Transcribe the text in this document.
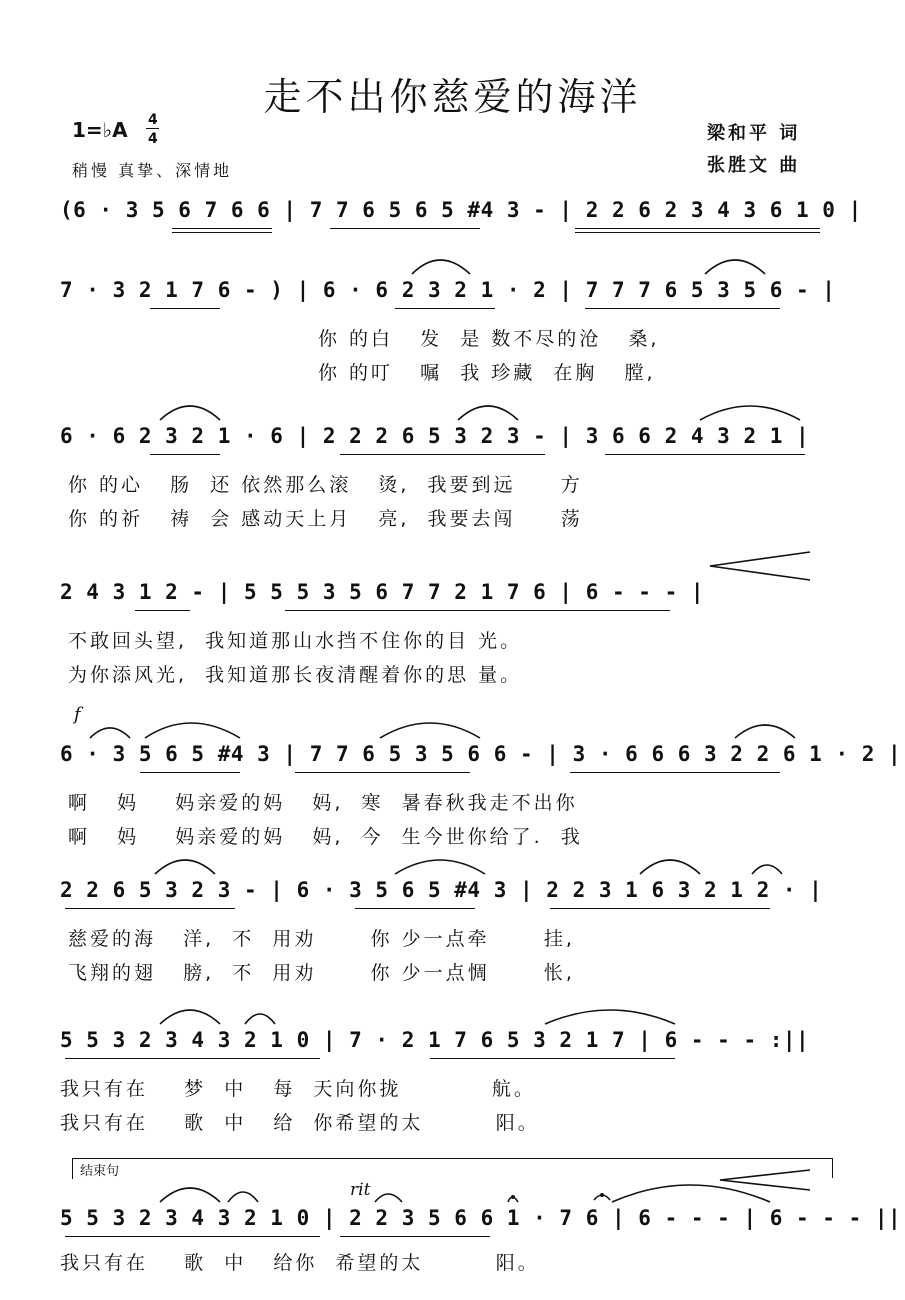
走不出你慈爱的海洋
1=♭A 4
4
稍慢 真挚、深情地
梁和平 词
张胜文 曲
(6 · 3 5 6 7 6 6 | 7 7 6 5 6 5 #4 3 - | 2 2 6 2 3 4 3 6 1 0 |
7 · 3 2 1 7 6 - ) | 6 · 6 2 3 2 1 · 2 | 7 7 7 6 5 3 5 6 - |
你 的白   发  是 数不尽的沧   桑,
你 的叮   嘱  我 珍藏  在胸   膛,
6 · 6 2 3 2 1 · 6 | 2 2 2 6 5 3 2 3 - | 3 6 6 2 4 3 2 1 |
你 的心   肠  还 依然那么滚   烫,  我要到远     方
你 的祈   祷  会 感动天上月   亮,  我要去闯     荡
2 4 3 1 2 - | 5 5 5 3 5 6 7 7 2 1 7 6 | 6 - - - |
不敢回头望,  我知道那山水挡不住你的目 光。
为你添风光,  我知道那长夜清醒着你的思 量。
f
6 · 3 5 6 5 #4 3 | 7 7 6 5 3 5 6 6 - | 3 · 6 6 6 3 2 2 6 1 · 2 |
啊   妈    妈亲爱的妈   妈,  寒  暑春秋我走不出你
啊   妈    妈亲爱的妈   妈,  今  生今世你给了.  我
2 2 6 5 3 2 3 - | 6 · 3 5 6 5 #4 3 | 2 2 3 1 6 3 2 1 2 · |
慈爱的海   洋,  不  用劝      你 少一点牵      挂,
飞翔的翅   膀,  不  用劝      你 少一点惆      怅,
5 5 3 2 3 4 3 2 1 0 | 7 · 2 1 7 6 5 3 2 1 7 | 6 - - - :||
我只有在    梦  中   每  天向你拢          航。
我只有在    歌  中   给  你希望的太        阳。
结束句
rit
5 5 3 2 3 4 3 2 1 0 | 2 2 3 5 6 6 1 · 7 6 | 6 - - - | 6 - - - ||
我只有在    歌  中   给你  希望的太        阳。
